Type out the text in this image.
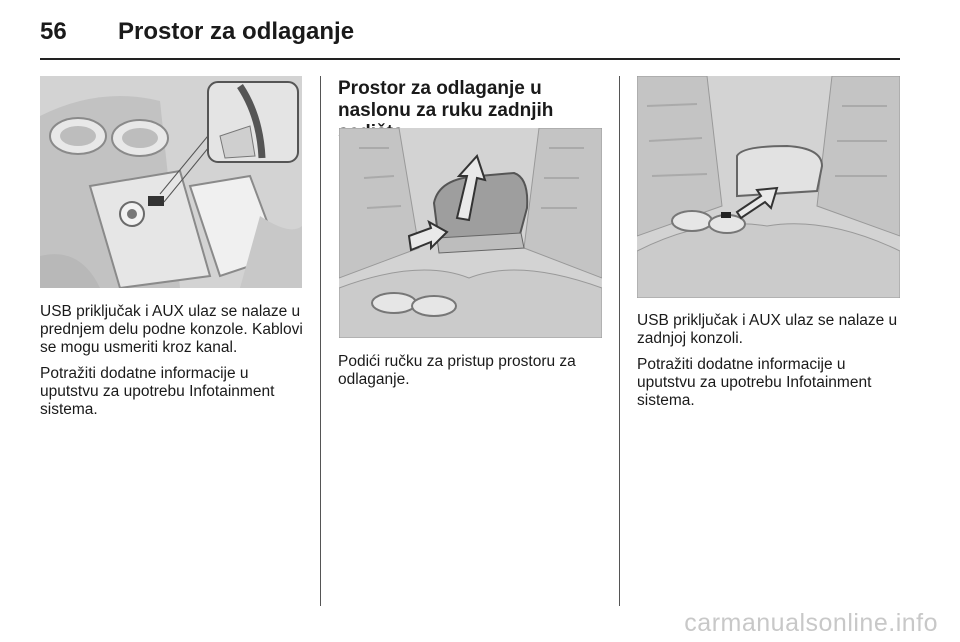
56 Prostor za odlaganje

USB priključak i AUX ulaz se nalaze u prednjem delu podne konzole. Kablovi se mogu usmeriti kroz kanal.

Potražiti dodatne informacije u uputstvu za upotrebu Infotainment sistema.

Prostor za odlaganje u naslonu za ruku zadnjih

Podići ručku za pristup prostoru za odlaganje.

USB priključak i AUX ulaz se nalaze u zadnjoj konzoli.

Potražiti dodatne informacije u uputstvu za upotrebu Infotainment sistema.

carmanualsonline.info
